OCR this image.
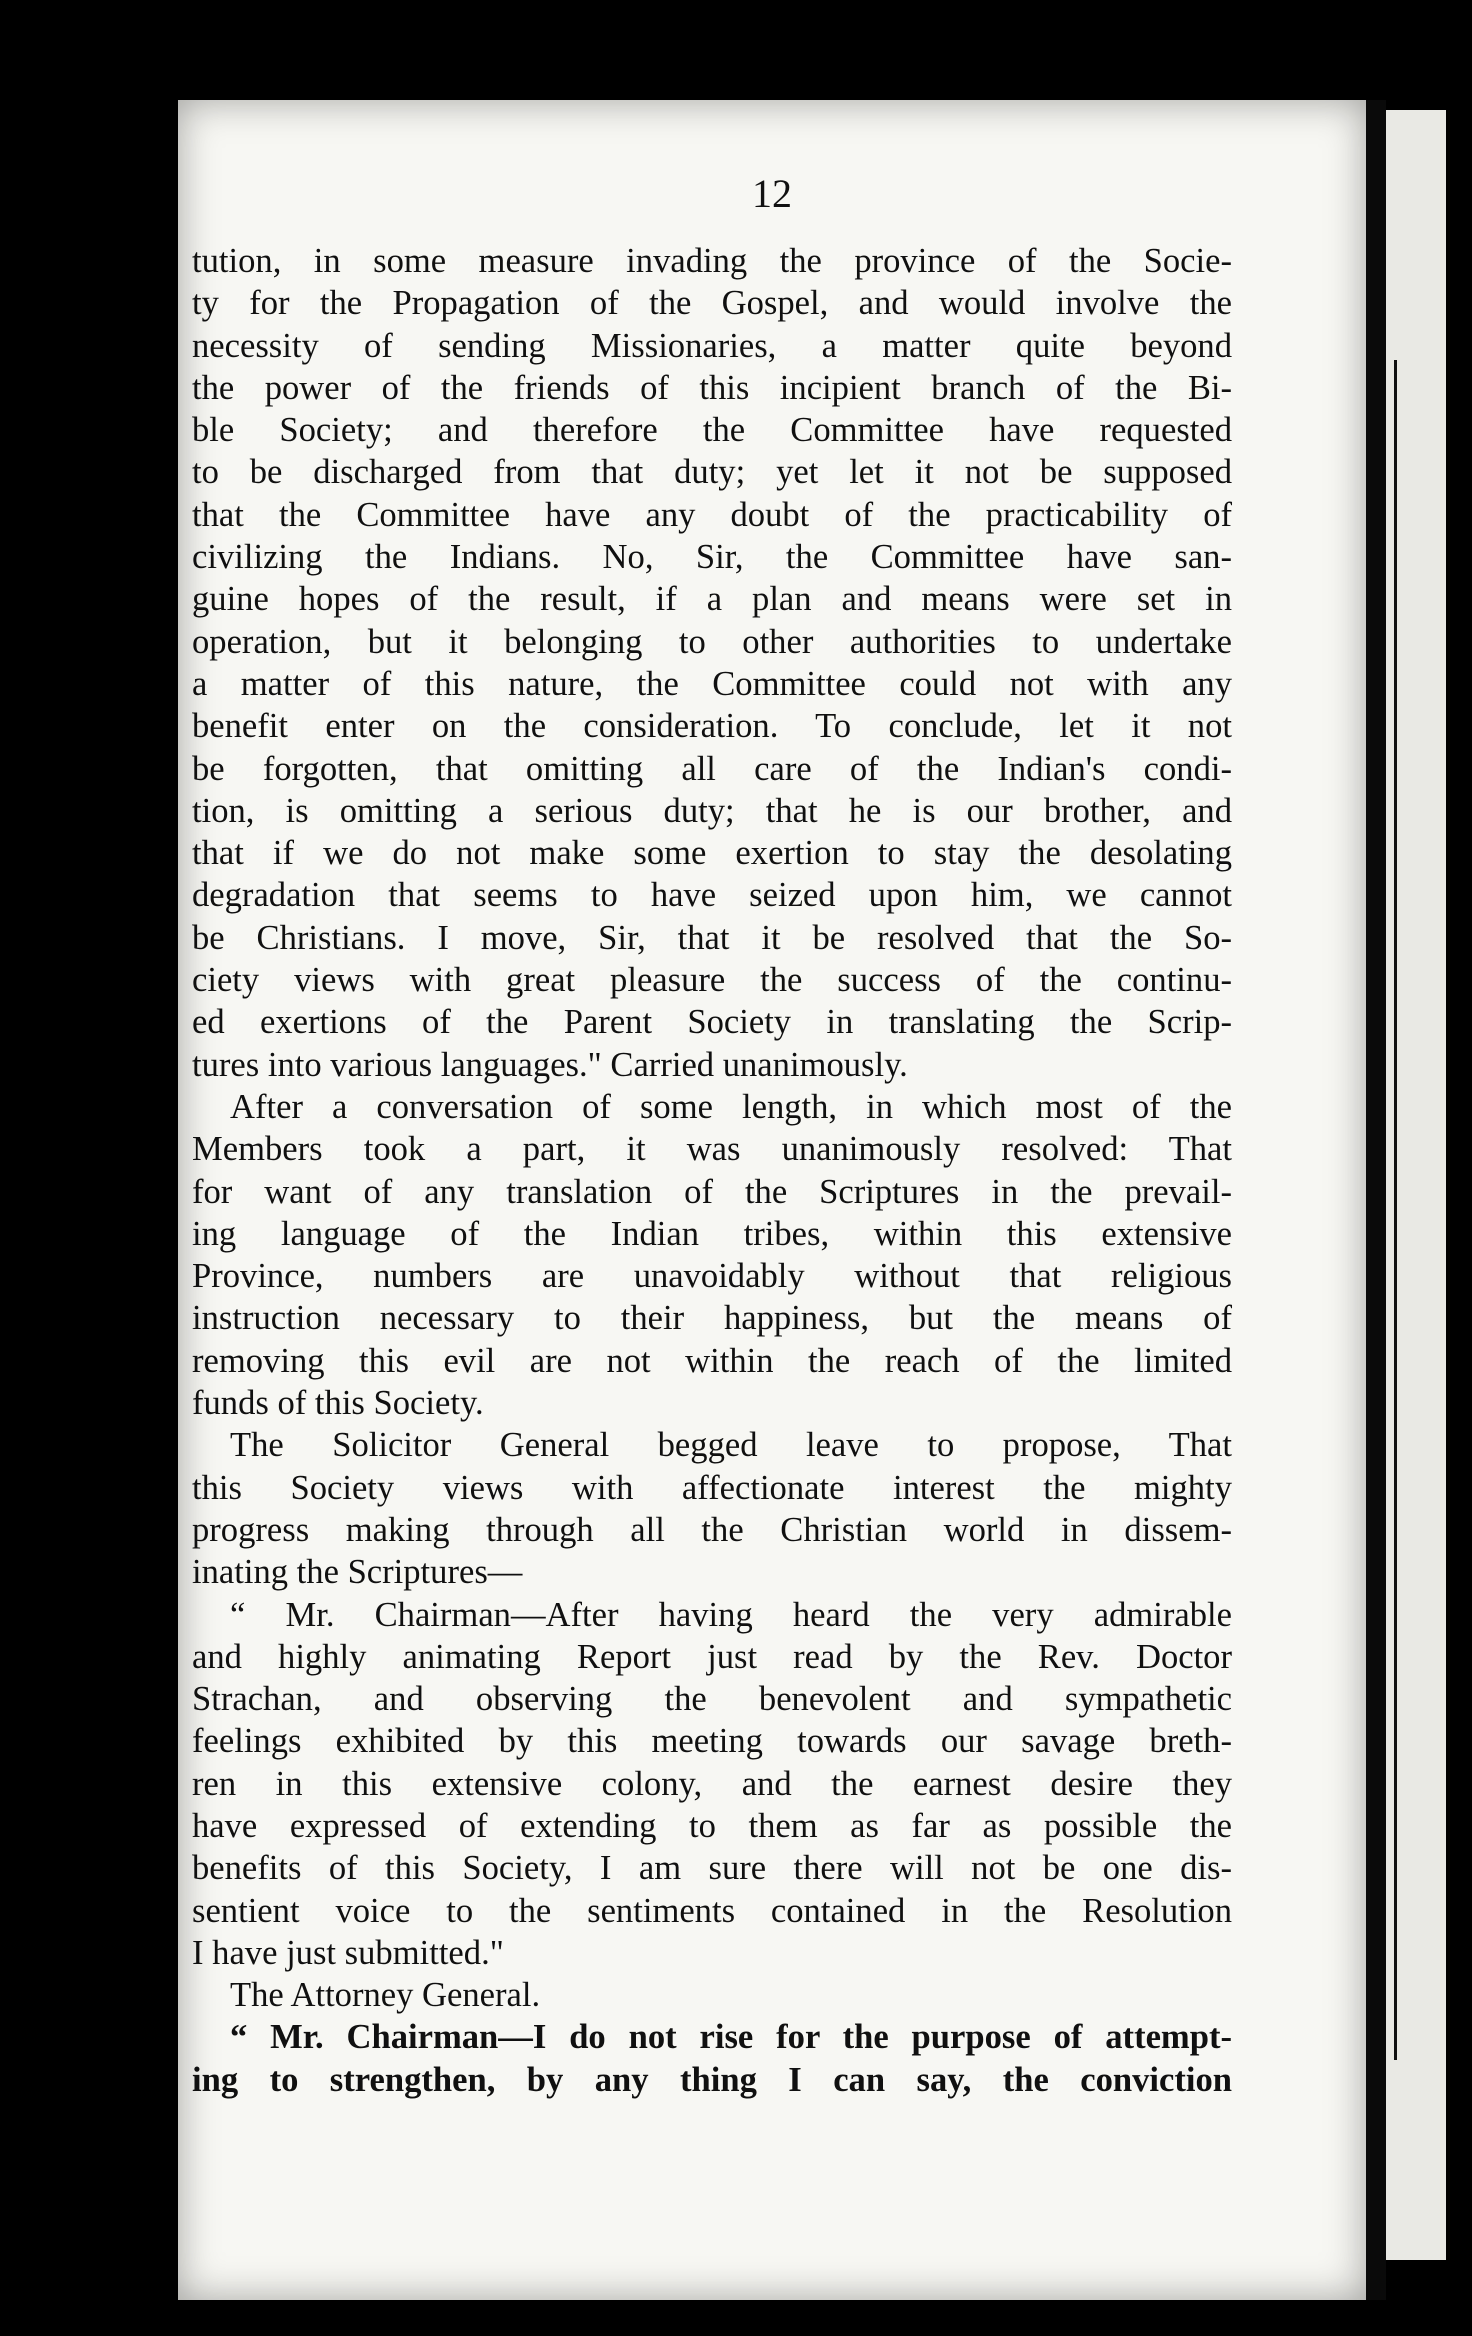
12
tution, in some measure invading the province of the Socie-
ty for the Propagation of the Gospel, and would involve the
necessity of sending Missionaries, a matter quite beyond
the power of the friends of this incipient branch of the Bi-
ble Society; and therefore the Committee have requested
to be discharged from that duty; yet let it not be supposed
that the Committee have any doubt of the practicability of
civilizing the Indians. No, Sir, the Committee have san-
guine hopes of the result, if a plan and means were set in
operation, but it belonging to other authorities to undertake
a matter of this nature, the Committee could not with any
benefit enter on the consideration. To conclude, let it not
be forgotten, that omitting all care of the Indian's condi-
tion, is omitting a serious duty; that he is our brother, and
that if we do not make some exertion to stay the desolating
degradation that seems to have seized upon him, we cannot
be Christians. I move, Sir, that it be resolved that the So-
ciety views with great pleasure the success of the continu-
ed exertions of the Parent Society in translating the Scrip-
tures into various languages." Carried unanimously.
After a conversation of some length, in which most of the
Members took a part, it was unanimously resolved: That
for want of any translation of the Scriptures in the prevail-
ing language of the Indian tribes, within this extensive
Province, numbers are unavoidably without that religious
instruction necessary to their happiness, but the means of
removing this evil are not within the reach of the limited
funds of this Society.
The Solicitor General begged leave to propose, That
this Society views with affectionate interest the mighty
progress making through all the Christian world in dissem-
inating the Scriptures—
“ Mr. Chairman—After having heard the very admirable
and highly animating Report just read by the Rev. Doctor
Strachan, and observing the benevolent and sympathetic
feelings exhibited by this meeting towards our savage breth-
ren in this extensive colony, and the earnest desire they
have expressed of extending to them as far as possible the
benefits of this Society, I am sure there will not be one dis-
sentient voice to the sentiments contained in the Resolution
I have just submitted."
The Attorney General.
“ Mr. Chairman—I do not rise for the purpose of attempt-
ing to strengthen, by any thing I can say, the conviction
